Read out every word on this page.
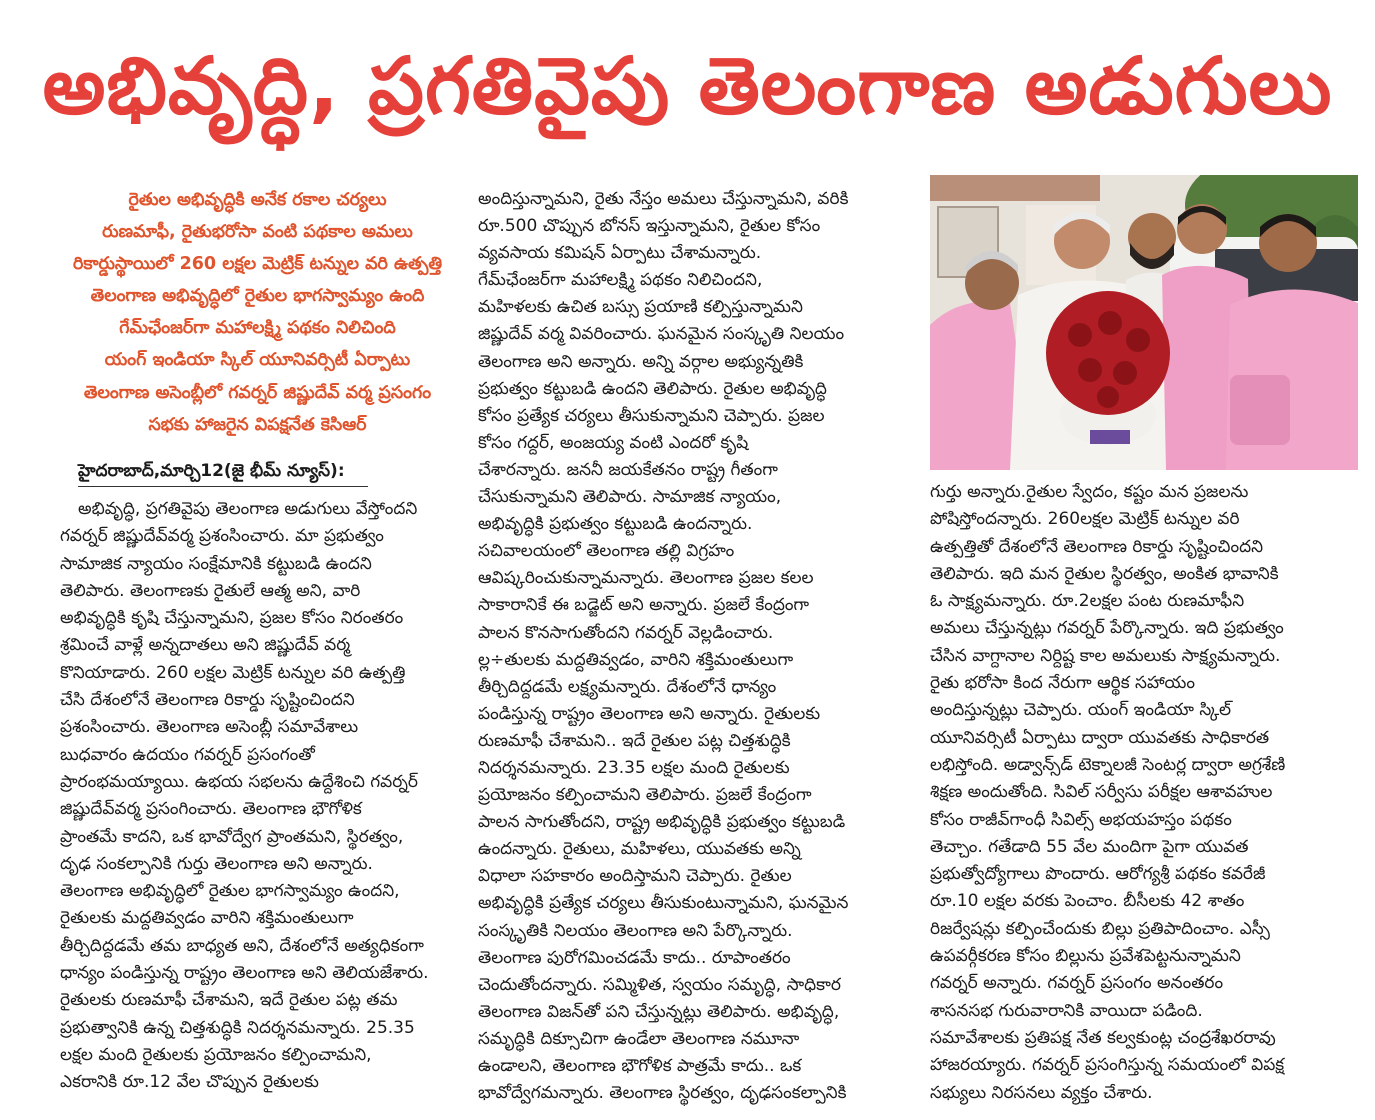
అభివృద్ధి, ప్రగతివైపు తెలంగాణ అడుగులు
రైతుల అభివృద్ధికి అనేక రకాల చర్యలు
రుణమాఫీ, రైతుభరోసా వంటి పథకాల అమలు
రికార్డుస్థాయిలో 260 లక్షల మెట్రిక్ టన్నుల వరి ఉత్పత్తి
తెలంగాణ అభివృద్ధిలో రైతుల భాగస్వామ్యం ఉంది
గేమ్‌ఛేంజర్‌గా మహాలక్ష్మి పథకం నిలిచింది
యంగ్ ఇండియా స్కిల్ యూనివర్సిటీ ఏర్పాటు
తెలంగాణ అసెంబ్లీలో గవర్నర్ జిష్ణుదేవ్ వర్మ ప్రసంగం
సభకు హాజరైన విపక్షనేత కెసిఆర్
హైదరాబాద్,మార్చి12(జై భీమ్ న్యూస్):
అభివృద్ధి, ప్రగతివైపు తెలంగాణ అడుగులు వేస్తోందని
గవర్నర్ జిష్ణుదేవ్‌వర్మ ప్రశంసించారు. మా ప్రభుత్వం
సామాజిక న్యాయం సంక్షేమానికి కట్టుబడి ఉందని
తెలిపారు. తెలంగాణకు రైతులే ఆత్మ అని, వారి
అభివృద్ధికి కృషి చేస్తున్నామని, ప్రజల కోసం నిరంతరం
శ్రమించే వాళ్లే అన్నదాతలు అని జిష్ణుదేవ్ వర్మ
కొనియాడారు. 260 లక్షల మెట్రిక్ టన్నుల వరి ఉత్పత్తి
చేసి దేశంలోనే తెలంగాణ రికార్డు సృష్టించిందని
ప్రశంసించారు. తెలంగాణ అసెంబ్లీ సమావేశాలు
బుధవారం ఉదయం గవర్నర్ ప్రసంగంతో
ప్రారంభమయ్యాయి. ఉభయ సభలను ఉద్దేశించి గవర్నర్
జిష్ణుదేవ్‌వర్మ ప్రసంగించారు. తెలంగాణ భౌగోళిక
ప్రాంతమే కాదని, ఒక భావోద్వేగ ప్రాంతమని, స్థిరత్వం,
దృఢ సంకల్పానికి గుర్తు తెలంగాణ అని అన్నారు.
తెలంగాణ అభివృద్ధిలో రైతుల భాగస్వామ్యం ఉందని,
రైతులకు మద్దతివ్వడం వారిని శక్తిమంతులుగా
తీర్చిదిద్దడమే తమ బాధ్యత అని, దేశంలోనే అత్యధికంగా
ధాన్యం పండిస్తున్న రాష్ట్రం తెలంగాణ అని తెలియజేశారు.
రైతులకు రుణమాఫీ చేశామని, ఇదే రైతుల పట్ల తమ
ప్రభుత్వానికి ఉన్న చిత్తశుద్ధికి నిదర్శనమన్నారు. 25.35
లక్షల మంది రైతులకు ప్రయోజనం కల్పించామని,
ఎకరానికి రూ.12 వేల చొప్పున రైతులకు
అందిస్తున్నామని, రైతు నేస్తం అమలు చేస్తున్నామని, వరికి
రూ.500 చొప్పున బోనస్ ఇస్తున్నామని, రైతుల కోసం
వ్యవసాయ కమిషన్ ఏర్పాటు చేశామన్నారు.
గేమ్‌ఛేంజర్‌గా మహాలక్ష్మి పథకం నిలిచిందని,
మహిళలకు ఉచిత బస్సు ప్రయాణి కల్పిస్తున్నామని
జిష్ణుదేవ్ వర్మ వివరించారు. ఘనమైన సంస్కృతి నిలయం
తెలంగాణ అని అన్నారు. అన్ని వర్గాల అభ్యున్నతికి
ప్రభుత్వం కట్టుబడి ఉందని తెలిపారు. రైతుల అభివృద్ధి
కోసం ప్రత్యేక చర్యలు తీసుకున్నామని చెప్పారు. ప్రజల
కోసం గద్దర్, అంజయ్య వంటి ఎందరో కృషి
చేశారన్నారు. జననీ జయకేతనం రాష్ట్ర గీతంగా
చేసుకున్నామని తెలిపారు. సామాజిక న్యాయం,
అభివృద్ధికి ప్రభుత్వం కట్టుబడి ఉందన్నారు.
సచివాలయంలో తెలంగాణ తల్లి విగ్రహం
ఆవిష్కరించుకున్నామన్నారు. తెలంగాణ ప్రజల కలల
సాకారానికే ఈ బడ్జెట్ అని అన్నారు. ప్రజలే కేంద్రంగా
పాలన కొనసాగుతోందని గవర్నర్ వెల్లడించారు.
ల్ల÷తులకు మద్దతివ్వడం, వారిని శక్తిమంతులుగా
తీర్చిదిద్దడమే లక్ష్యమన్నారు. దేశంలోనే ధాన్యం
పండిస్తున్న రాష్ట్రం తెలంగాణ అని అన్నారు. రైతులకు
రుణమాఫీ చేశామని.. ఇదే రైతుల పట్ల చిత్తశుద్ధికి
నిదర్శనమన్నారు. 23.35 లక్షల మంది రైతులకు
ప్రయోజనం కల్పించామని తెలిపారు. ప్రజలే కేంద్రంగా
పాలన సాగుతోందని, రాష్ట్ర అభివృద్ధికి ప్రభుత్వం కట్టుబడి
ఉందన్నారు. రైతులు, మహిళలు, యువతకు అన్ని
విధాలా సహకారం అందిస్తామని చెప్పారు. రైతుల
అభివృద్ధికి ప్రత్యేక చర్యలు తీసుకుంటున్నామని, ఘనమైన
సంస్కృతికి నిలయం తెలంగాణ అని పేర్కొన్నారు.
తెలంగాణ పురోగమించడమే కాదు.. రూపాంతరం
చెందుతోందన్నారు. సమ్మిళిత, స్వయం సమృద్ధి, సాధికార
తెలంగాణ విజన్‌తో పని చేస్తున్నట్లు తెలిపారు. అభివృద్ధి,
సమృద్ధికి దిక్సూచిగా ఉండేలా తెలంగాణ నమూనా
ఉండాలని, తెలంగాణ భౌగోళిక పాత్రమే కాదు.. ఒక
భావోద్వేగమన్నారు. తెలంగాణ స్థిరత్వం, దృఢసంకల్పానికి
గుర్తు అన్నారు.రైతుల స్వేదం, కష్టం మన ప్రజలను
పోషిస్తోందన్నారు. 260లక్షల మెట్రిక్ టన్నుల వరి
ఉత్పత్తితో దేశంలోనే తెలంగాణ రికార్డు సృష్టించిందని
తెలిపారు. ఇది మన రైతుల స్థిరత్వం, అంకిత భావానికి
ఓ సాక్ష్యమన్నారు. రూ.2లక్షల పంట రుణమాఫీని
అమలు చేస్తున్నట్లు గవర్నర్ పేర్కొన్నారు. ఇది ప్రభుత్వం
చేసిన వాగ్దానాల నిర్దిష్ట కాల అమలుకు సాక్ష్యమన్నారు.
రైతు భరోసా కింద నేరుగా ఆర్థిక సహాయం
అందిస్తున్నట్లు చెప్పారు. యంగ్ ఇండియా స్కిల్
యూనివర్సిటీ ఏర్పాటు ద్వారా యువతకు సాధికారత
లభిస్తోంది. అడ్వాన్స్‌డ్ టెక్నాలజీ సెంటర్ల ద్వారా అగ్రశేణి
శిక్షణ అందుతోంది. సివిల్ సర్వీసు పరీక్షల ఆశావహుల
కోసం రాజీవ్‌గాంధీ సివిల్స్ అభయహస్తం పథకం
తెచ్చాం. గతేడాది 55 వేల మందిగా పైగా యువత
ప్రభుత్వోద్యోగాలు పొందారు. ఆరోగ్యశ్రీ పథకం కవరేజీ
రూ.10 లక్షల వరకు పెంచాం. బీసీలకు 42 శాతం
రిజర్వేషన్లు కల్పించేందుకు బిల్లు ప్రతిపాదించాం. ఎస్సీ
ఉపవర్గీకరణ కోసం బిల్లును ప్రవేశపెట్టనున్నామని
గవర్నర్ అన్నారు. గవర్నర్ ప్రసంగం అనంతరం
శాసనసభ గురువారానికి వాయిదా పడింది.
సమావేశాలకు ప్రతిపక్ష నేత కల్వకుంట్ల చంద్రశేఖరరావు
హాజరయ్యారు. గవర్నర్ ప్రసంగిస్తున్న సమయంలో విపక్ష
సభ్యులు నిరసనలు వ్యక్తం చేశారు.
